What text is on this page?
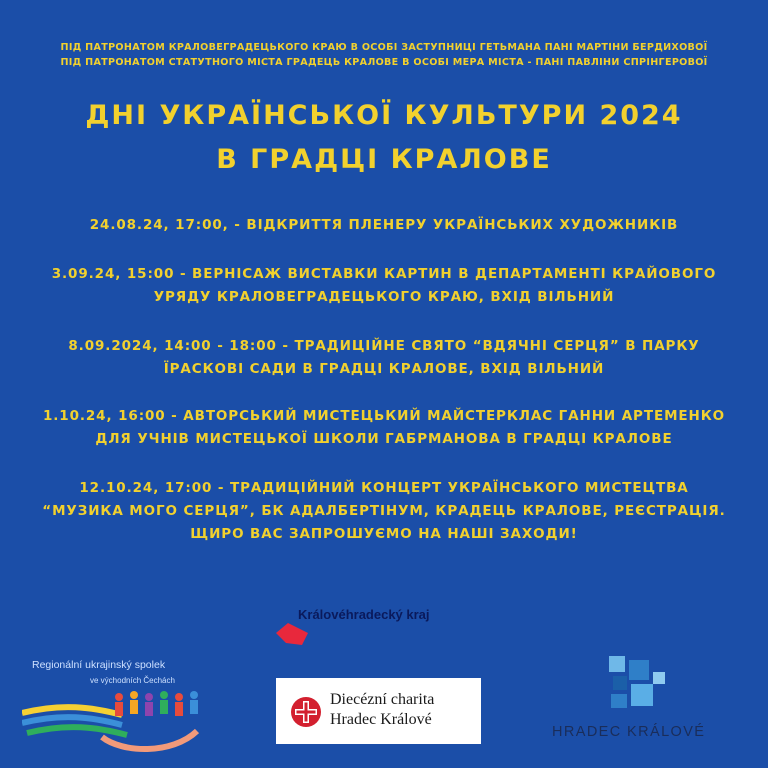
ПІД ПАТРОНАТОМ КРАЛОВЕГРАДЕЦЬКОГО КРАЮ В ОСОБІ ЗАСТУПНИЦІ ГЕТЬМАНА ПАНІ МАРТІНИ БЕРДИХОВОЇ
ПІД ПАТРОНАТОМ СТАТУТНОГО МІСТА ГРАДЕЦЬ КРАЛОВЕ В ОСОБІ МЕРА МІСТА - ПАНІ ПАВЛІНИ СПРІНГЕРОВОЇ
ДНІ УКРАЇНСЬКОЇ КУЛЬТУРИ 2024
В ГРАДЦІ КРАЛОВЕ
24.08.24, 17:00, - ВІДКРИТТЯ ПЛЕНЕРУ УКРАЇНСЬКИХ ХУДОЖНИКІВ
3.09.24, 15:00 - ВЕРНІСАЖ ВИСТАВКИ КАРТИН В ДЕПАРТАМЕНТІ КРАЙОВОГО
УРЯДУ КРАЛОВЕГРАДЕЦЬКОГО КРАЮ, ВХІД ВІЛЬНИЙ
8.09.2024, 14:00 - 18:00 - ТРАДИЦІЙНЕ СВЯТО “ВДЯЧНІ СЕРЦЯ” В ПАРКУ
ЇРАСКОВІ САДИ В ГРАДЦІ КРАЛОВЕ, ВХІД ВІЛЬНИЙ
1.10.24, 16:00 - АВТОРСЬКИЙ МИСТЕЦЬКИЙ МАЙСТЕРКЛАС ГАННИ АРТЕМЕНКО
ДЛЯ УЧНІВ МИСТЕЦЬКОЇ ШКОЛИ ГАБРМАНОВА В ГРАДЦІ КРАЛОВЕ
12.10.24, 17:00 - ТРАДИЦІЙНИЙ КОНЦЕРТ УКРАЇНСЬКОГО МИСТЕЦТВА
“МУЗИКА МОГО СЕРЦЯ”, БК АДАЛБЕРТІНУМ, КРАДЕЦЬ КРАЛОВЕ, РЕЄСТРАЦІЯ.
ЩИРО ВАС ЗАПРОШУЄМО НА НАШІ ЗАХОДИ!
Královéhradecký kraj
Regionální ukrajinský spolek
ve východních Čechách
Diecézní charita
Hradec Králové
HRADEC KRÁLOVÉ
